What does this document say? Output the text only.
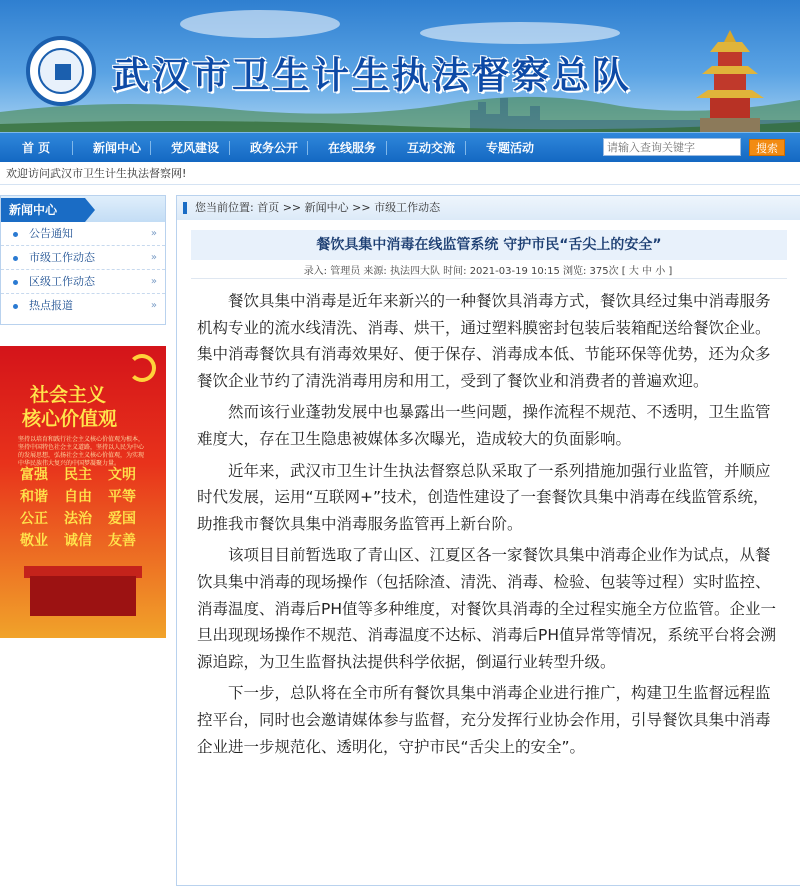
武汉市卫生计生执法督察总队
首 页	新闻中心 党风建设	政务公开 在线服务	互动交流	专题活动
请输入查询关键字	搜索
欢迎访问武汉市卫生计生执法督察网!
新闻中心
公告通知	»
市级工作动态	»
区级工作动态	»
热点报道	»
社会主义
核心价值观
坚持以培育和践行社会主义核心价值观为根本，坚持中国特色社会主义道路，坚持以人民为中心的发展思想，弘扬社会主义核心价值观，为实现中华民族伟大复兴的中国梦凝聚力量。
富强 民主 文明
和谐 自由 平等
公正 法治 爱国
敬业 诚信 友善
您当前位置: 首页 >> 新闻中心 >> 市级工作动态
餐饮具集中消毒在线监管系统 守护市民“舌尖上的安全”
录入: 管理员 来源: 执法四大队 时间: 2021-03-19 10:15 浏览: 375次 [ 大 中 小 ]

餐饮具集中消毒是近年来新兴的一种餐饮具消毒方式，餐饮具经过集中消毒服务机构专业的流水线清洗、消毒、烘干，通过塑料膜密封包装后装箱配送给餐饮企业。集中消毒餐饮具有消毒效果好、便于保存、消毒成本低、节能环保等优势，还为众多餐饮企业节约了清洗消毒用房和用工，受到了餐饮业和消费者的普遍欢迎。

然而该行业蓬勃发展中也暴露出一些问题，操作流程不规范、不透明，卫生监管难度大，存在卫生隐患被媒体多次曝光，造成较大的负面影响。

近年来，武汉市卫生计生执法督察总队采取了一系列措施加强行业监管，并顺应时代发展，运用“互联网+”技术，创造性建设了一套餐饮具集中消毒在线监管系统，助推我市餐饮具集中消毒服务监管再上新台阶。

该项目目前暂选取了青山区、江夏区各一家餐饮具集中消毒企业作为试点，从餐饮具集中消毒的现场操作（包括除渣、清洗、消毒、检验、包装等过程）实时监控、消毒温度、消毒后PH值等多种维度，对餐饮具消毒的全过程实施全方位监管。企业一旦出现现场操作不规范、消毒温度不达标、消毒后PH值异常等情况，系统平台将会溯源追踪，为卫生监督执法提供科学依据，倒逼行业转型升级。

下一步，总队将在全市所有餐饮具集中消毒企业进行推广，构建卫生监督远程监控平台，同时也会邀请媒体参与监督，充分发挥行业协会作用，引导餐饮具集中消毒企业进一步规范化、透明化，守护市民“舌尖上的安全”。
